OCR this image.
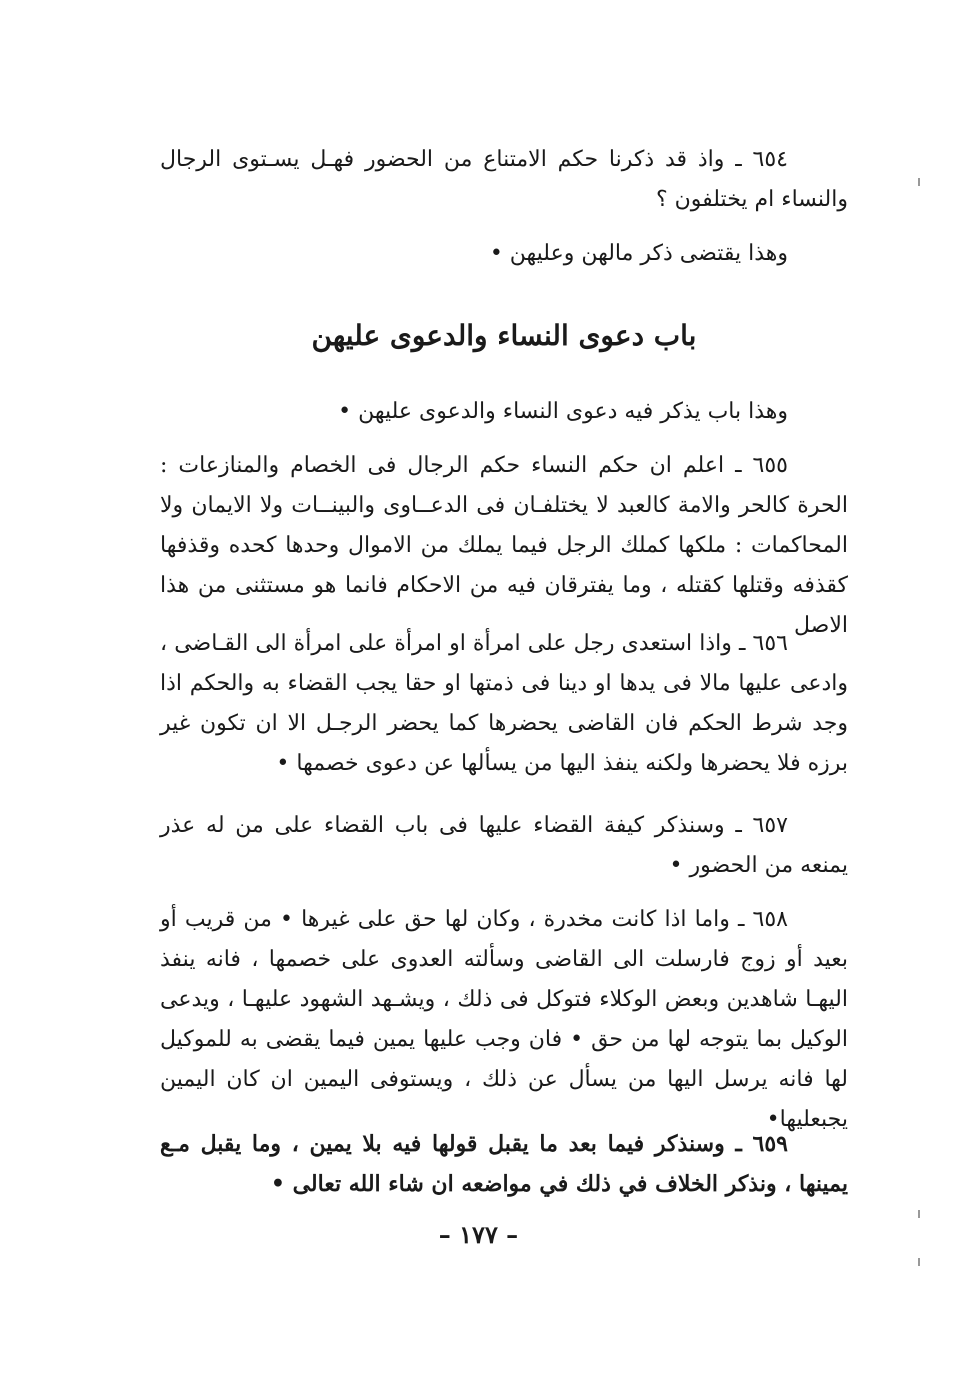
٦٥٤ ـ واذ قد ذكرنا حكم الامتناع من الحضور فهـل يسـتوى الرجال والنساء ام يختلفون ؟
وهذا يقتضى ذكر مالهن وعليهن •
باب دعوى النساء والدعوى عليهن
وهذا باب يذكر فيه دعوى النساء والدعوى عليهن •
٦٥٥ ـ اعلم ان حكم النساء حكم الرجال فى الخصام والمنازعات : الحرة كالحر والامة كالعبد لا يختلفـان فى الدعــاوى والبينــات ولا الايمان ولا المحاكمات : ملكها كملك الرجل فيما يملك من الاموال وحدها كحده وقذفها كقذفه وقتلها كقتله ، وما يفترقان فيه من الاحكام فانما هو مستثنى من هذا الاصل
٦٥٦ ـ واذا استعدى رجل على امرأة او امرأة على امرأة الى القـاضى ، وادعى عليها مالا فى يدها او دينا فى ذمتها او حقا يجب القضاء به والحكم اذا وجد شرط الحكم فان القاضى يحضرها كما يحضر الرجـل الا ان تكون غير برزه فلا يحضرها ولكنه ينفذ اليها من يسألها عن دعوى خصمها •
٦٥٧ ـ وسنذكر كيفة القضاء عليها فى باب القضاء على من له عذر يمنعه من الحضور •
٦٥٨ ـ واما اذا كانت مخدرة ، وكان لها حق على غيرها • من قريب أو بعيد أو زوج فارسلت الى القاضى وسألته العدوى على خصمها ، فانه ينفذ اليهـا شاهدين وبعض الوكلاء فتوكل فى ذلك ، ويشـهد الشهود عليهـا ، ويدعى الوكيل بما يتوجه لها من حق • فان وجب عليها يمين فيما يقضى به للموكيل لها فانه يرسل اليها من يسأل عن ذلك ، ويستوفى اليمين ان كان اليمين يجبعليها•
٦٥٩ ـ وسنذكر فيما بعد ما يقبل قولها فيه بلا يمين ، وما يقبل مـع يمينها ، ونذكر الخلاف في ذلك في مواضعه ان شاء الله تعالى •
– ١٧٧ –
